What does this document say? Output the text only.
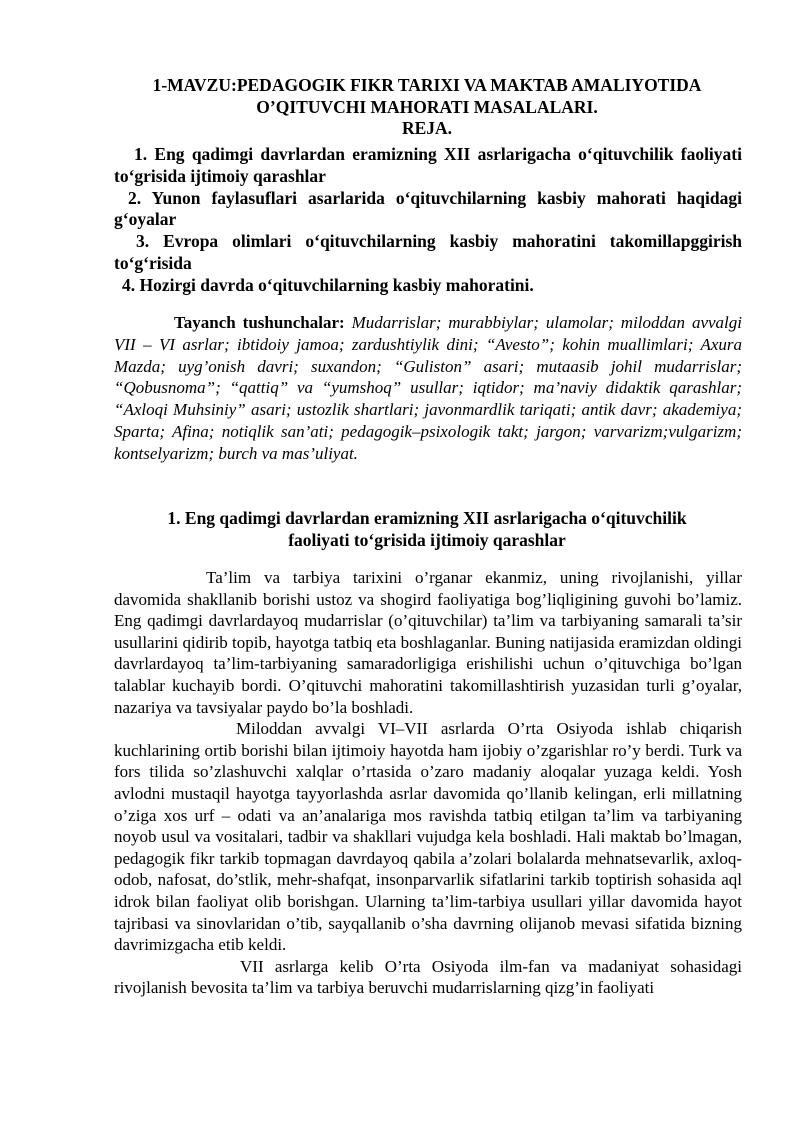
1-MAVZU:PEDAGOGIK FIKR TARIXI VA MAKTAB AMALIYOTIDA
O’QITUVCHI MAHORATI MASALALARI.
REJA.

1. Eng qadimgi davrlardan eramizning XII asrlarigacha o‘qituvchilik faoliyati to‘grisida ijtimoiy qarashlar

2. Yunon faylasuflari asarlarida o‘qituvchilarning kasbiy mahorati haqidagi g‘oyalar

3. Evropa olimlari o‘qituvchilarning kasbiy mahoratini takomillapggirish to‘g‘risida

4. Hozirgi davrda o‘qituvchilarning kasbiy mahoratini.

Tayanch tushunchalar: Mudarrislar; murabbiylar; ulamolar; miloddan avvalgi VII – VI asrlar; ibtidoiy jamoa; zardushtiylik dini; “Avesto”; kohin muallimlari; Axura Mazda; uyg’onish davri; suxandon; “Guliston” asari; mutaasib johil mudarrislar; “Qobusnoma”; “qattiq” va “yumshoq” usullar; iqtidor; ma’naviy didaktik qarashlar; “Axloqi Muhsiniy” asari; ustozlik shartlari; javonmardlik tariqati; antik davr; akademiya; Sparta; Afina; notiqlik san’ati; pedagogik–psixologik takt; jargon; varvarizm;vulgarizm; kontselyarizm; burch va mas’uliyat.
1. Eng qadimgi davrlardan eramizning XII asrlarigacha o‘qituvchilik
faoliyati to‘grisida ijtimoiy qarashlar

Ta’lim va tarbiya tarixini o’rganar ekanmiz, uning rivojlanishi, yillar davomida shakllanib borishi ustoz va shogird faoliyatiga bog’liqligining guvohi bo’lamiz. Eng qadimgi davrlardayoq mudarrislar (o’qituvchilar) ta’lim va tarbiyaning samarali ta’sir usullarini qidirib topib, hayotga tatbiq eta boshlaganlar. Buning natijasida eramizdan oldingi davrlardayoq ta’lim-tarbiyaning samaradorligiga erishilishi uchun o’qituvchiga bo’lgan talablar kuchayib bordi. O’qituvchi mahoratini takomillashtirish yuzasidan turli g’oyalar, nazariya va tavsiyalar paydo bo’la boshladi.

Miloddan avvalgi VI–VII asrlarda O’rta Osiyoda ishlab chiqarish kuchlarining ortib borishi bilan ijtimoiy hayotda ham ijobiy o’zgarishlar ro’y berdi. Turk va fors tilida so’zlashuvchi xalqlar o’rtasida o’zaro madaniy aloqalar yuzaga keldi. Yosh avlodni mustaqil hayotga tayyorlashda asrlar davomida qo’llanib kelingan, erli millatning o’ziga xos urf – odati va an’analariga mos ravishda tatbiq etilgan ta’lim va tarbiyaning noyob usul va vositalari, tadbir va shakllari vujudga kela boshladi. Hali maktab bo’lmagan, pedagogik fikr tarkib topmagan davrdayoq qabila a’zolari bolalarda mehnatsevarlik, axloq-odob, nafosat, do’stlik, mehr-shafqat, insonparvarlik sifatlarini tarkib toptirish sohasida aql idrok bilan faoliyat olib borishgan. Ularning ta’lim-tarbiya usullari yillar davomida hayot tajribasi va sinovlaridan o’tib, sayqallanib o’sha davrning olijanob mevasi sifatida bizning davrimizgacha etib keldi.

VII asrlarga kelib O’rta Osiyoda ilm-fan va madaniyat sohasidagi rivojlanish bevosita ta’lim va tarbiya beruvchi mudarrislarning qizg’in faoliyati
